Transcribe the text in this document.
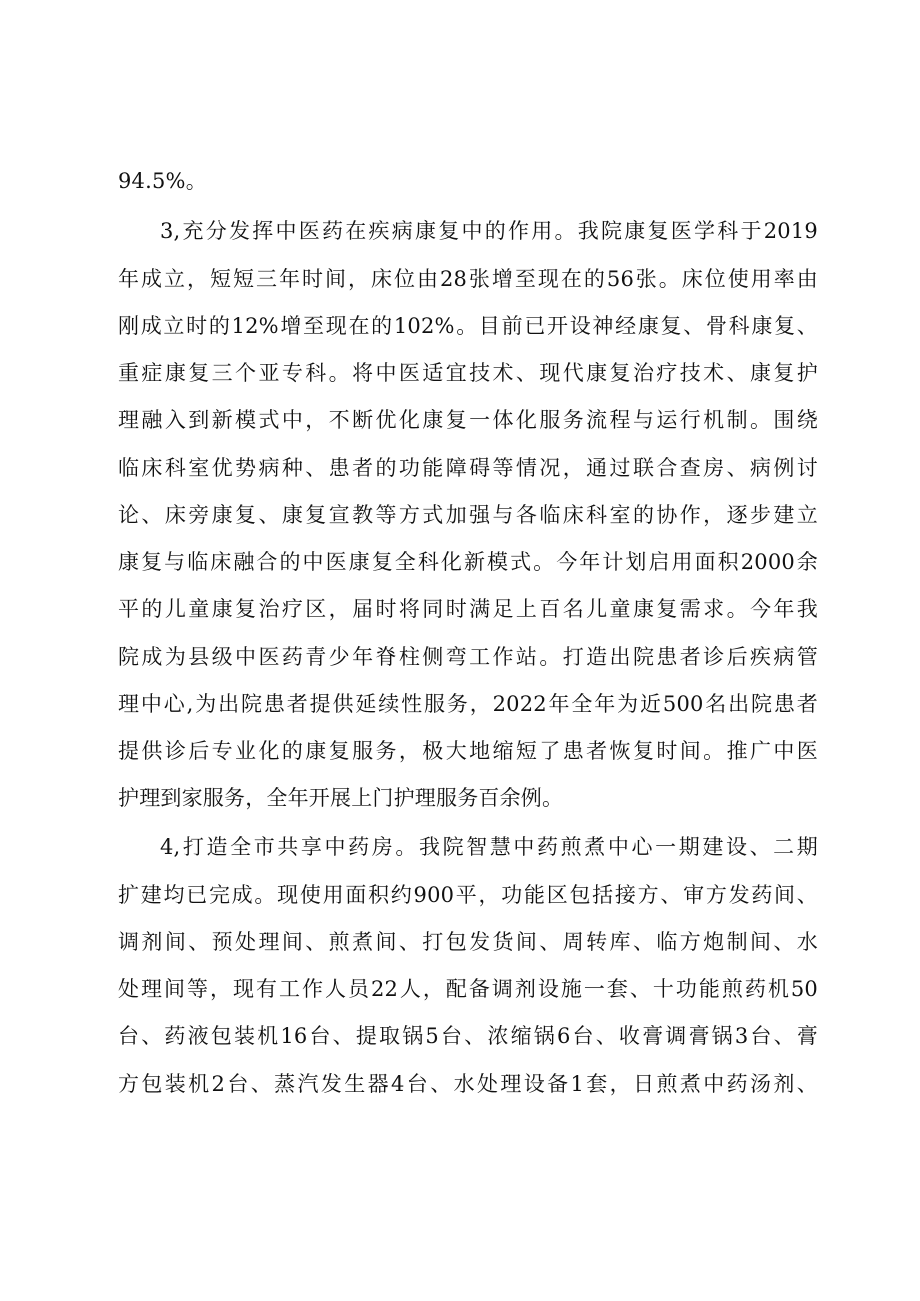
94.5%。
3,充分发挥中医药在疾病康复中的作用。我院康复医学科于2019
年成立，短短三年时间，床位由28张增至现在的56张。床位使用率由
刚成立时的12%增至现在的102%。目前已开设神经康复、骨科康复、
重症康复三个亚专科。将中医适宜技术、现代康复治疗技术、康复护
理融入到新模式中，不断优化康复一体化服务流程与运行机制。围绕
临床科室优势病种、患者的功能障碍等情况，通过联合查房、病例讨
论、床旁康复、康复宣教等方式加强与各临床科室的协作，逐步建立
康复与临床融合的中医康复全科化新模式。今年计划启用面积2000余
平的儿童康复治疗区，届时将同时满足上百名儿童康复需求。今年我
院成为县级中医药青少年脊柱侧弯工作站。打造出院患者诊后疾病管
理中心,为出院患者提供延续性服务，2022年全年为近500名出院患者
提供诊后专业化的康复服务，极大地缩短了患者恢复时间。推广中医
护理到家服务，全年开展上门护理服务百余例。
4,打造全市共享中药房。我院智慧中药煎煮中心一期建设、二期
扩建均已完成。现使用面积约900平，功能区包括接方、审方发药间、
调剂间、预处理间、煎煮间、打包发货间、周转库、临方炮制间、水
处理间等，现有工作人员22人，配备调剂设施一套、十功能煎药机50
台、药液包装机16台、提取锅5台、浓缩锅6台、收膏调膏锅3台、膏
方包装机2台、蒸汽发生器4台、水处理设备1套，日煎煮中药汤剂、
